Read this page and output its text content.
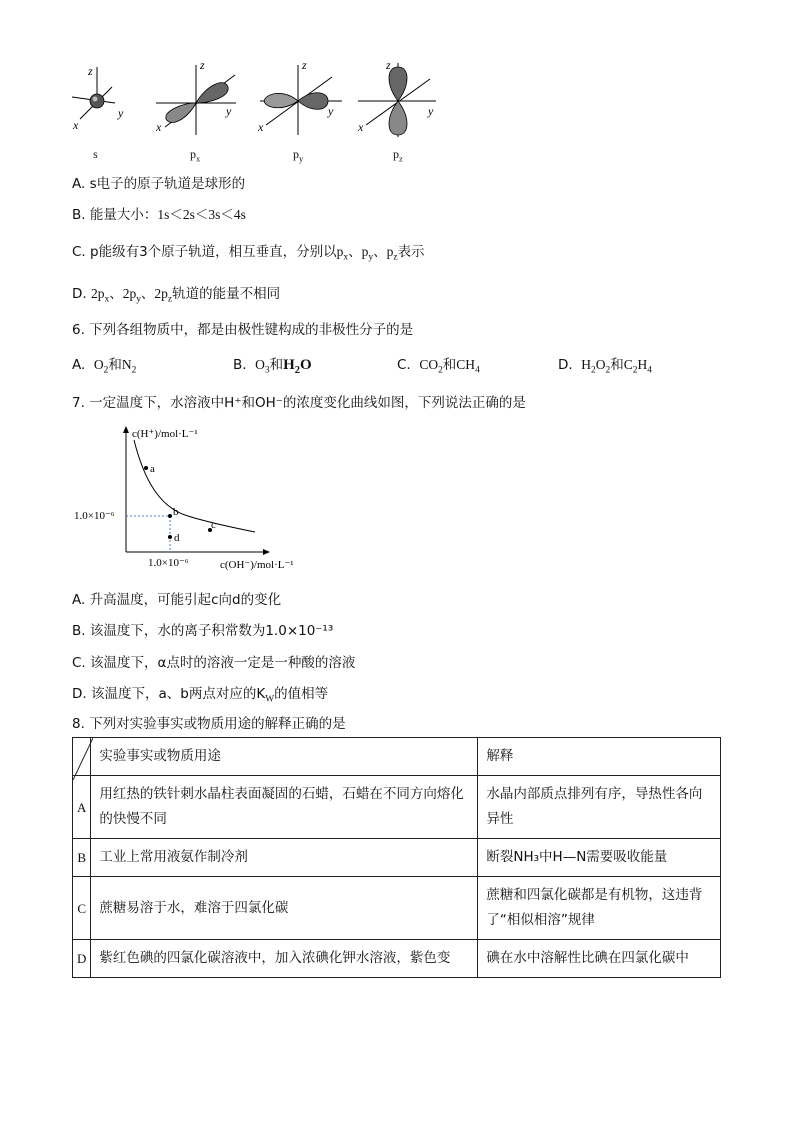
z
y
x
z
y
x
z
y
x
z
y
x
s	$p_x$	$p_y$	$p_z$
A. s电子的原子轨道是球形的
B. 能量大小：1s＜2s＜3s＜4s
C. p能级有3个原子轨道，相互垂直，分别以$p_x$、$p_y$、$p_z$表示
D. $2p_x$、$2p_y$、$2p_z$轨道的能量不相同
6. 下列各组物质中，都是由极性键构成的非极性分子的是
A. $O_2$和$N_2$	B. $O_3$和$H_2O$	C. $CO_2$和$CH_4$	D. $H_2O_2$和$C_2H_4$
7. 一定温度下，水溶液中H⁺和OH⁻的浓度变化曲线如图，下列说法正确的是
a
b
c
d
c(H⁺)/mol·L⁻¹
c(OH⁻)/mol·L⁻¹
1.0×10⁻⁶
1.0×10⁻⁶
A. 升高温度，可能引起c向d的变化
B. 该温度下，水的离子积常数为1.0×10⁻¹³
C. 该温度下，α点时的溶液一定是一种酸的溶液
D. 该温度下，a、b两点对应的$K_W$的值相等
8. 下列对实验事实或物质用途的解释正确的是
	实验事实或物质用途	解释
A	用红热的铁针刺水晶柱表面凝固的石蜡，石蜡在不同方向熔化的快慢不同	水晶内部质点排列有序，导热性各向异性
B	工业上常用液氨作制冷剂	断裂NH₃中H—N需要吸收能量
C	蔗糖易溶于水，难溶于四氯化碳	蔗糖和四氯化碳都是有机物，这违背了“相似相溶”规律
D	紫红色碘的四氯化碳溶液中，加入浓碘化钾水溶液，紫色变	碘在水中溶解性比碘在四氯化碳中
